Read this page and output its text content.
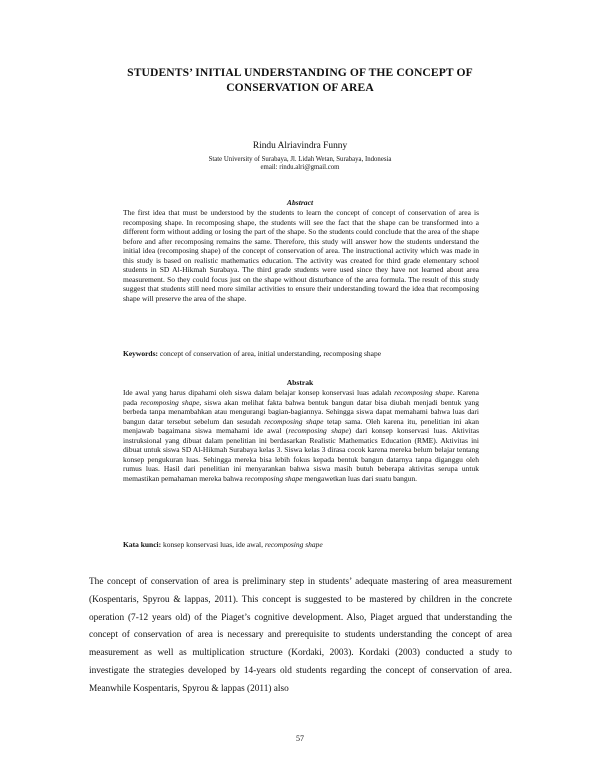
STUDENTS’ INITIAL UNDERSTANDING OF THE CONCEPT OF
CONSERVATION OF AREA
Rindu Alriavindra Funny
State University of Surabaya, Jl. Lidah Wetan, Surabaya, Indonesia
email: rindu.alri@gmail.com
Abstract
The first idea that must be understood by the students to learn the concept of concept of conservation of area is recomposing shape. In recomposing shape, the students will see the fact that the shape can be transformed into a different form without adding or losing the part of the shape. So the students could conclude that the area of the shape before and after recomposing remains the same. Therefore, this study will answer how the students understand the initial idea (recomposing shape) of the concept of conservation of area. The instructional activity which was made in this study is based on realistic mathematics education. The activity was created for third grade elementary school students in SD Al-Hikmah Surabaya. The third grade students were used since they have not learned about area measurement. So they could focus just on the shape without disturbance of the area formula. The result of this study suggest that students still need more similar activities to ensure their understanding toward the idea that recomposing shape will preserve the area of the shape.
Keywords: concept of conservation of area, initial understanding, recomposing shape
Abstrak
Ide awal yang harus dipahami oleh siswa dalam belajar konsep konservasi luas adalah recomposing shape. Karena pada recomposing shape, siswa akan melihat fakta bahwa bentuk bangun datar bisa diubah menjadi bentuk yang berbeda tanpa menambahkan atau mengurangi bagian-bagiannya. Sehingga siswa dapat memahami bahwa luas dari bangun datar tersebut sebelum dan sesudah recomposing shape tetap sama. Oleh karena itu, penelitian ini akan menjawab bagaimana siswa memahami ide awal (recomposing shape) dari konsep konservasi luas. Aktivitas instruksional yang dibuat dalam penelitian ini berdasarkan Realistic Mathematics Education (RME). Aktivitas ini dibuat untuk siswa SD Al-Hikmah Surabaya kelas 3. Siswa kelas 3 dirasa cocok karena mereka belum belajar tentang konsep pengukuran luas. Sehingga mereka bisa lebih fokus kepada bentuk bangun datarnya tanpa diganggu oleh rumus luas. Hasil dari penelitian ini menyarankan bahwa siswa masih butuh beberapa aktivitas serupa untuk memastikan pemahaman mereka bahwa recomposing shape mengawetkan luas dari suatu bangun.
Kata kunci: konsep konservasi luas, ide awal, recomposing shape
The concept of conservation of area is preliminary step in students’ adequate mastering of area measurement (Kospentaris, Spyrou & lappas, 2011). This concept is suggested to be mastered by children in the concrete operation (7-12 years old) of the Piaget’s cognitive development. Also, Piaget argued that understanding the concept of conservation of area is necessary and prerequisite to students understanding the concept of area measurement as well as multiplication structure (Kordaki, 2003). Kordaki (2003) conducted a study to investigate the strategies developed by 14-years old students regarding the concept of conservation of area. Meanwhile Kospentaris, Spyrou & lappas (2011) also
57
